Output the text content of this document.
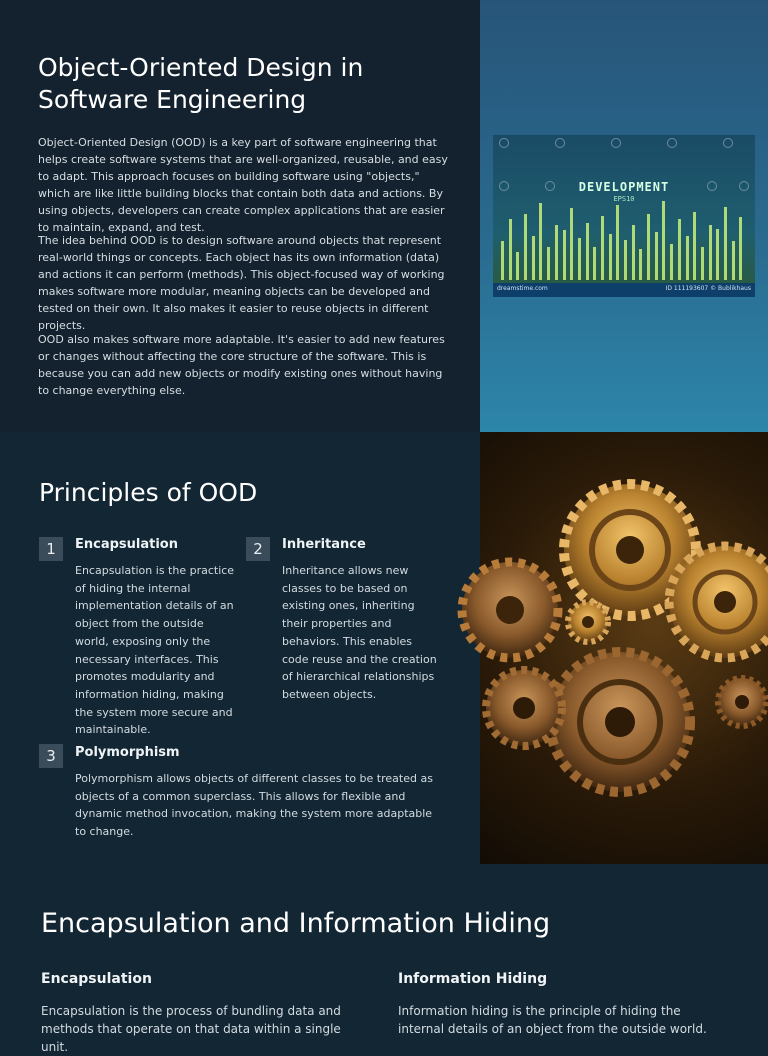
Object-Oriented Design in Software Engineering

Object-Oriented Design (OOD) is a key part of software engineering that helps create software systems that are well-organized, reusable, and easy to adapt. This approach focuses on building software using "objects," which are like little building blocks that contain both data and actions. By using objects, developers can create complex applications that are easier to maintain, expand, and test.

The idea behind OOD is to design software around objects that represent real-world things or concepts. Each object has its own information (data) and actions it can perform (methods). This object-focused way of working makes software more modular, meaning objects can be developed and tested on their own. It also makes it easier to reuse objects in different projects.

OOD also makes software more adaptable. It's easier to add new features or changes without affecting the core structure of the software. This is because you can add new objects or modify existing ones without having to change everything else.

DEVELOPMENT
EPS10
dreamstime.com	ID 111193607 © Bublikhaus
Principles of OOD
1	Encapsulation

Encapsulation is the practice of hiding the internal implementation details of an object from the outside world, exposing only the necessary interfaces. This promotes modularity and information hiding, making the system more secure and maintainable.

2	Inheritance

Inheritance allows new classes to be based on existing ones, inheriting their properties and behaviors. This enables code reuse and the creation of hierarchical relationships between objects.

3	Polymorphism

Polymorphism allows objects of different classes to be treated as objects of a common superclass. This allows for flexible and dynamic method invocation, making the system more adaptable to change.

Encapsulation and Information Hiding
Encapsulation

Encapsulation is the process of bundling data and methods that operate on that data within a single unit.

Information Hiding

Information hiding is the principle of hiding the internal details of an object from the outside world.
